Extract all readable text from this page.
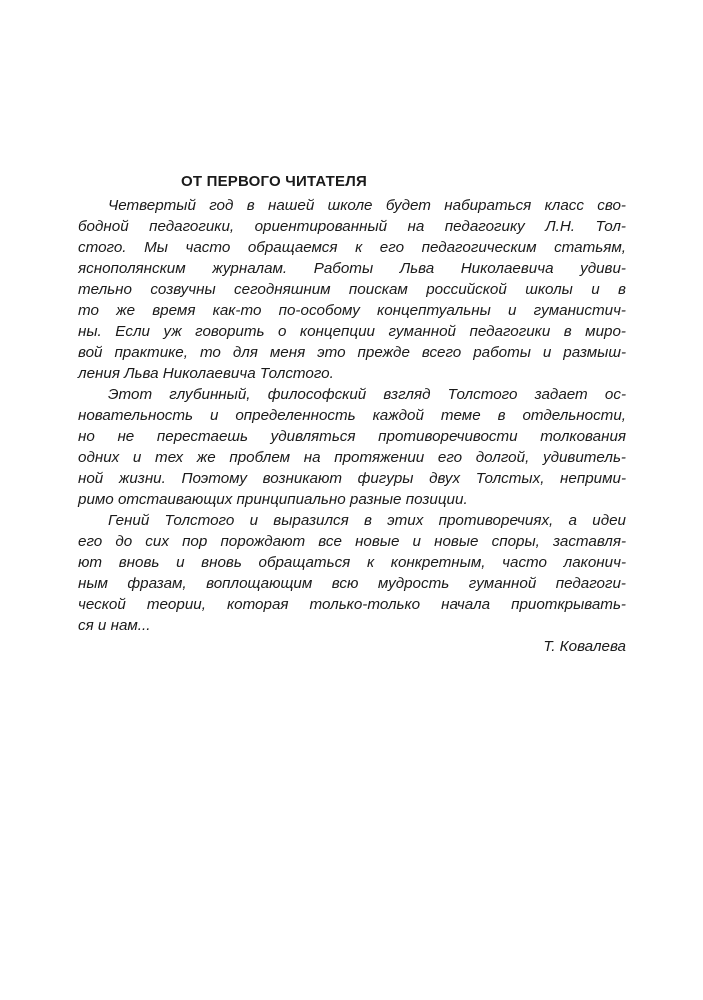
ОТ ПЕРВОГО ЧИТАТЕЛЯ
Четвертый год в нашей школе будет набираться класс сво-
бодной педагогики, ориентированный на педагогику Л.Н. Тол-
стого. Мы часто обращаемся к его педагогическим статьям,
яснополянским журналам. Работы Льва Николаевича удиви-
тельно созвучны сегодняшним поискам российской школы и в
то же время как-то по-особому концептуальны и гуманистич-
ны. Если уж говорить о концепции гуманной педагогики в миро-
вой практике, то для меня это прежде всего работы и размыш-
ления Льва Николаевича Толстого.
Этот глубинный, философский взгляд Толстого задает ос-
новательность и определенность каждой теме в отдельности,
но не перестаешь удивляться противоречивости толкования
одних и тех же проблем на протяжении его долгой, удивитель-
ной жизни. Поэтому возникают фигуры двух Толстых, неприми-
римо отстаивающих принципиально разные позиции.
Гений Толстого и выразился в этих противоречиях, а идеи
его до сих пор порождают все новые и новые споры, заставля-
ют вновь и вновь обращаться к конкретным, часто лаконич-
ным фразам, воплощающим всю мудрость гуманной педагоги-
ческой теории, которая только-только начала приоткрывать-
ся и нам...
Т. Ковалева
